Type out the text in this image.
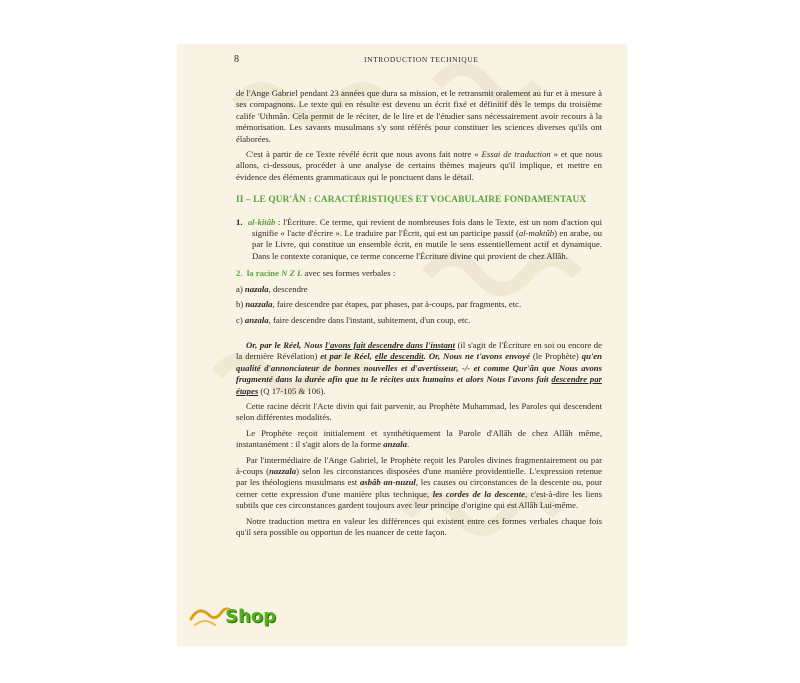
8	INTRODUCTION TECHNIQUE

de l'Ange Gabriel pendant 23 années que dura sa mission, et le retransmit oralement au fur et à mesure à ses compagnons. Le texte qui en résulte est devenu un écrit fixé et définitif dès le temps du troisième calife 'Uthmân. Cela permit de le réciter, de le lire et de l'étudier sans nécessairement avoir recours à la mémorisation. Les savants musulmans s'y sont référés pour constituer les sciences diverses qu'ils ont élaborées.

C'est à partir de ce Texte révélé écrit que nous avons fait notre « Essai de traduction » et que nous allons, ci-dessous, procéder à une analyse de certains thèmes majeurs qu'il implique, et mettre en évidence des éléments grammaticaux qui le ponctuent dans le détail.

II – LE QUR'ÂN : CARACTÉRISTIQUES ET VOCABULAIRE FONDAMENTAUX

1. al-kitâb : l'Écriture. Ce terme, qui revient de nombreuses fois dans le Texte, est un nom d'action qui signifie « l'acte d'écrire ». Le traduire par l'Écrit, qui est un participe passif (al-maktûb) en arabe, ou par le Livre, qui constitue un ensemble écrit, en mutile le sens essentiellement actif et dynamique. Dans le contexte coranique, ce terme concerne l'Écriture divine qui provient de chez Allâh.

2. la racine N Z L avec ses formes verbales :

a) nazala, descendre

b) nazzala, faire descendre par étapes, par phases, par à-coups, par fragments, etc.

c) anzala, faire descendre dans l'instant, subitement, d'un coup, etc.

Or, par le Réel, Nous l'avons fait descendre dans l'instant (il s'agit de l'Écriture en soi ou encore de la dernière Révélation) et par le Réel, elle descendit. Or, Nous ne t'avons envoyé (le Prophète) qu'en qualité d'annonciateur de bonnes nouvelles et d'avertisseur, -/- et comme Qur'ân que Nous avons fragmenté dans la durée afin que tu le récites aux humains et alors Nous l'avons fait descendre par étapes (Q 17-105 & 106).

Cette racine décrit l'Acte divin qui fait parvenir, au Prophète Muhammad, les Paroles qui descendent selon différentes modalités.

Le Prophète reçoit initialement et synthétiquement la Parole d'Allâh de chez Allâh même, instantanément : il s'agit alors de la forme anzala.

Par l'intermédiaire de l'Ange Gabriel, le Prophète reçoit les Paroles divines fragmentairement ou par à-coups (nazzala) selon les circonstances disposées d'une manière providentielle. L'expression retenue par les théologiens musulmans est asbâb an-nuzul, les causes ou circonstances de la descente ou, pour cerner cette expression d'une manière plus technique, les cordes de la descente, c'est-à-dire les liens subtils que ces circonstances gardent toujours avec leur principe d'origine qui est Allâh Lui-même.

Notre traduction mettra en valeur les différences qui existent entre ces formes verbales chaque fois qu'il sera possible ou opportun de les nuancer de cette façon.

Shop
